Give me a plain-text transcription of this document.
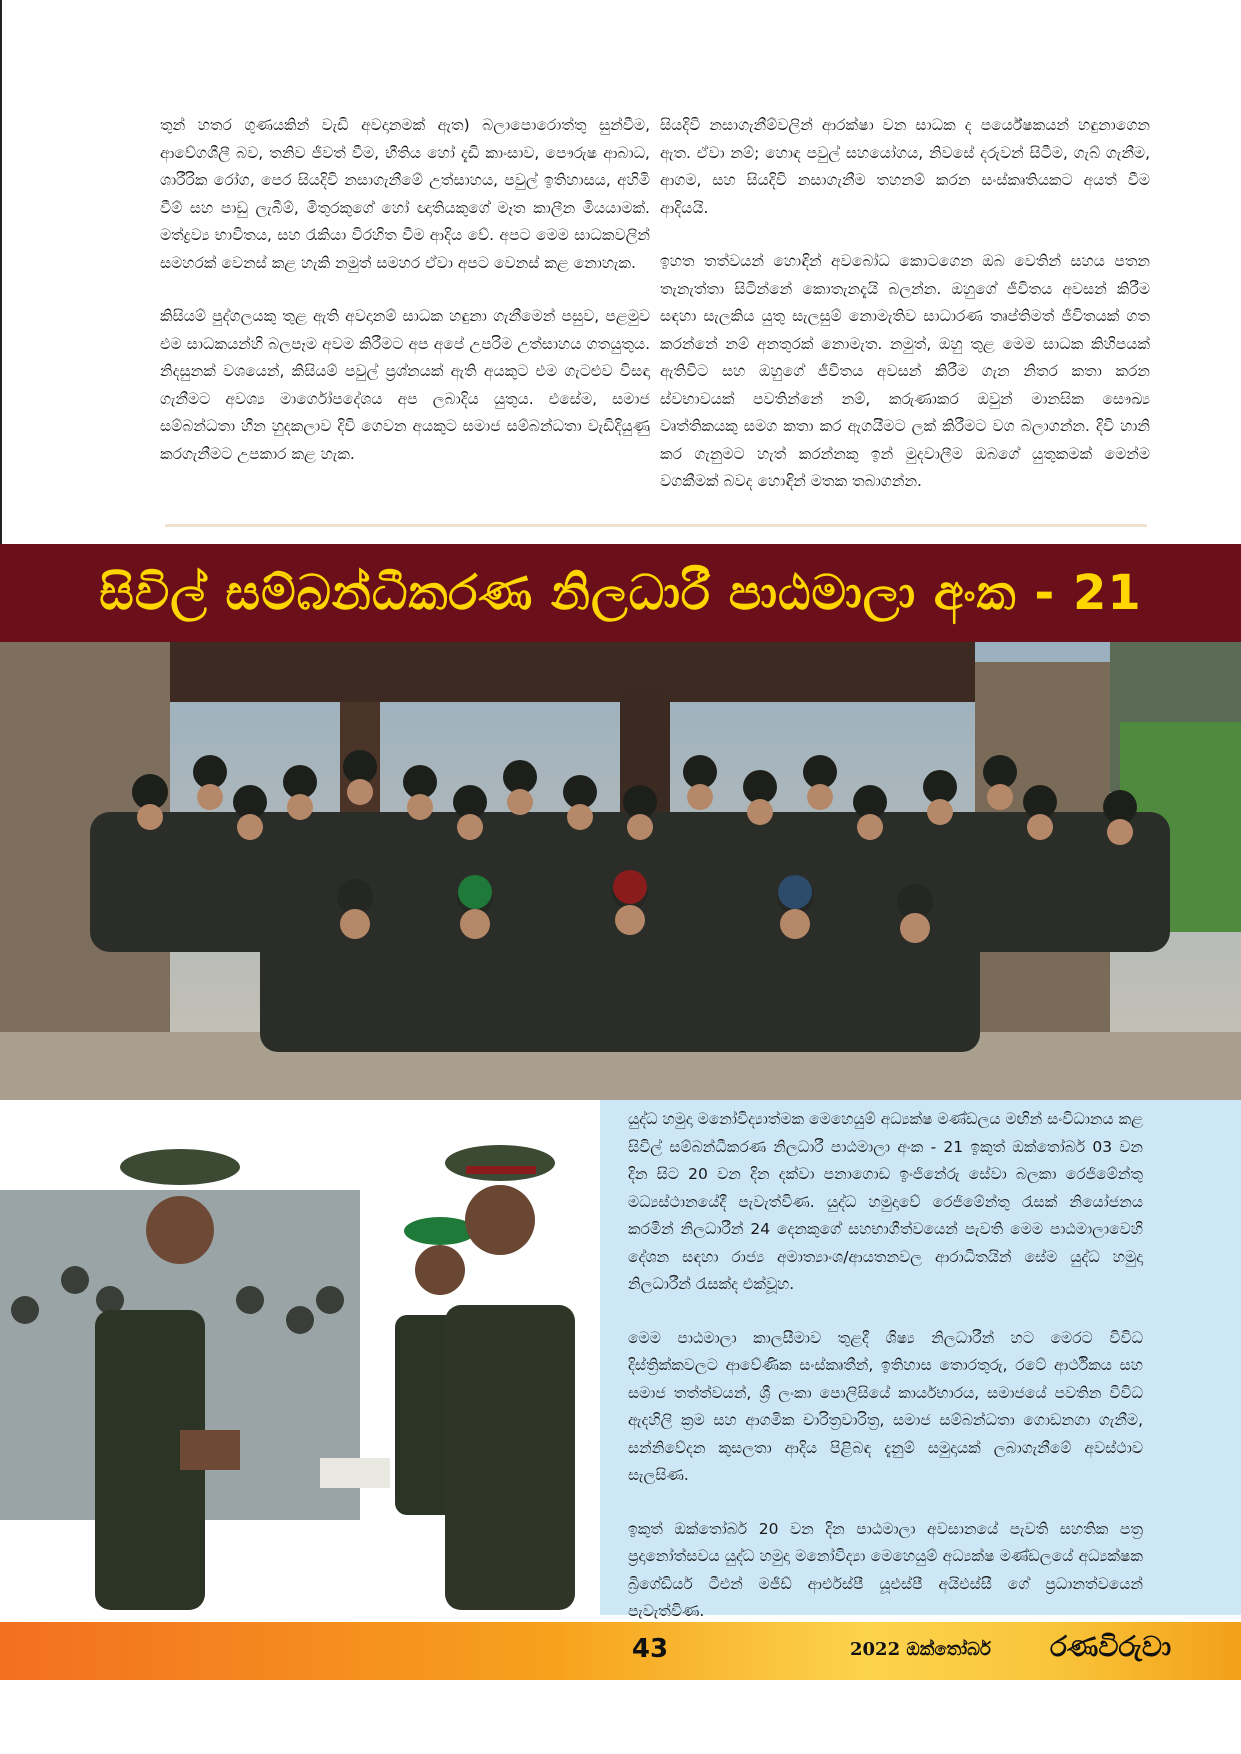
තුන් හතර ගුණයකින් වැඩි අවදානමක් ඇත) බලාපොරොත්තු සුන්වීම, ආවේගශීලී බව, තනිව ජීවත් වීම, භීතිය හෝ දැඩි කාංසාව, පෞරුෂ ආබාධ, ශාරීරික රෝග, පෙර සියදිවි නසාගැනීමේ උත්සාහය, පවුල් ඉතිහාසය, අහිමි වීම් සහ පාඩු ලැබීම්, මිතුරකුගේ හෝ ඥාතියකුගේ මෑත කාලීන මියයාමක්. මත්ද්‍රව්‍ය භාවිතය, සහ රැකියා විරහිත වීම ආදිය වේ. අපට මෙම සාධකවලින් සමහරක් වෙනස් කළ හැකි නමුත් සමහර ඒවා අපට වෙනස් කළ නොහැක.

කිසියම් පුද්ගලයකු තුළ ඇති අවදානම් සාධක හඳුනා ගැනීමෙන් පසුව, පළමුව එම සාධකයන්හි බලපෑම අවම කිරීමට අප අපේ උපරිම උත්සාහය ගතයුතුය. නිදසුනක් වශයෙන්, කිසියම් පවුල් ප්‍රශ්නයක් ඇති අයකුට එම ගැටළුව විසඳා ගැනීමට අවශ්‍ය මාර්ගෝපදේශය අප ලබාදිය යුතුය. එසේම, සමාජ සම්බන්ධතා හීන හුදකලාව දිවි ගෙවන අයකුට සමාජ සම්බන්ධතා වැඩිදියුණු කරගැනීමට උපකාර කළ හැක.

සියදිවි නසාගැනීම්වලින් ආරක්ෂා වන සාධක ද පර්යේෂකයන් හඳුනාගෙන ඇත. ඒවා නම්; හොඳ පවුල් සහයෝගය, නිවසේ දරුවන් සිටීම, ගැබ් ගැනීම, ආගම, සහ සියදිවි නසාගැනීම තහනම් කරන සංස්කෘතියකට අයත් වීම ආදියයි.

ඉහත තත්වයන් හොඳින් අවබෝධ කොටගෙන ඔබ වෙතින් සහය පතන තැනැත්තා සිටින්නේ කොතැනදැයි බලන්න. ඔහුගේ ජීවිතය අවසන් කිරීම සඳහා සැලකිය යුතු සැලසුම් නොමැතිව සාධාරණ තෘප්තිමත් ජීවිතයක් ගත කරන්නේ නම් අනතුරක් නොමැත. නමුත්, ඔහු තුළ මෙම සාධක කිහිපයක් ඇතිවිට සහ ඔහුගේ ජීවිතය අවසන් කිරීම ගැන නිතර කතා කරන ස්වභාවයක් පවතින්නේ නම්, කරුණාකර ඔවුන් මානසික සෞඛ්‍ය වෘත්තිකයකු සමග කතා කර ඇගයීමට ලක් කිරීමට වග බලාගන්න. දිවි හානි කර ගැනුමට හැත් කරන්නකු ඉන් මුදවාලීම ඔබගේ යුතුකමක් මෙන්ම වගකීමක් බවද හොඳින් මතක තබාගන්න.

සිවිල් සම්බන්ධීකරණ නිලධාරී පාඨමාලා අංක - 21

යුද්ධ හමුදා මනෝවිද්‍යාත්මක මෙහෙයුම් අධ්‍යක්ෂ මණ්ඩලය මඟින් සංවිධානය කළ සිවිල් සම්බන්ධීකරණ නිලධාරී පාඨමාලා අංක - 21 ඉකුත් ඔක්තෝබර් 03 වන දින සිට 20 වන දින දක්වා පනාගොඩ ඉංජිනේරු සේවා බලකා රෙජිමේන්තු මධ්‍යස්ථානයේදී පැවැත්විණ. යුද්ධ හමුදාවේ රෙජිමේන්තු රැසක් නියෝජනය කරමින් නිලධාරීන් 24 දෙනකුගේ සහභාගීත්වයෙන් පැවති මෙම පාඨමාලාවෙහි දේශන සඳහා රාජ්‍ය අමාත්‍යාංශ/ආයතනවල ආරාධිතයින් සේම යුද්ධ හමුදා නිලධාරීන් රැසක්ද එක්වූහ.

මෙම පාඨමාලා කාලසීමාව තුළදී ශිෂ්‍ය නිලධාරීන් හට මෙරට විවිධ දිස්ත්‍රික්කවලට ආවේණික සංස්කෘතීන්, ඉතිහාස තොරතුරු, රටේ ආර්ථිකය සහ සමාජ තත්ත්වයන්, ශ්‍රී ලංකා පොලිසියේ කාර්යභාරය, සමාජයේ පවතින විවිධ ඇදහිලි ක්‍රම සහ ආගමික චාරිත්‍රවාරිත්‍ර, සමාජ සම්බන්ධතා ගොඩනගා ගැනීම, සන්නිවේදන කුසලතා ආදිය පිළිබඳ දැනුම් සමුදායක් ලබාගැනීමේ අවස්ථාව සැලසිණ.

ඉකුත් ඔක්තෝබර් 20 වන දින පාඨමාලා අවසානයේ පැවති සහතික පත්‍ර ප්‍රදානෝත්සවය යුද්ධ හමුදා මනෝවිද්‍යා මෙහෙයුම් අධ්‍යක්ෂ මණ්ඩලයේ අධ්‍යක්ෂක බ්‍රිගේඩියර් ටීඑන් මජීඩ් ආර්එස්පී යූඑස්පී අයිඑස්සී ගේ ප්‍රධානත්වයෙන් පැවැත්විණ.

43	2022 ඔක්තෝබර් රණවිරුවා
